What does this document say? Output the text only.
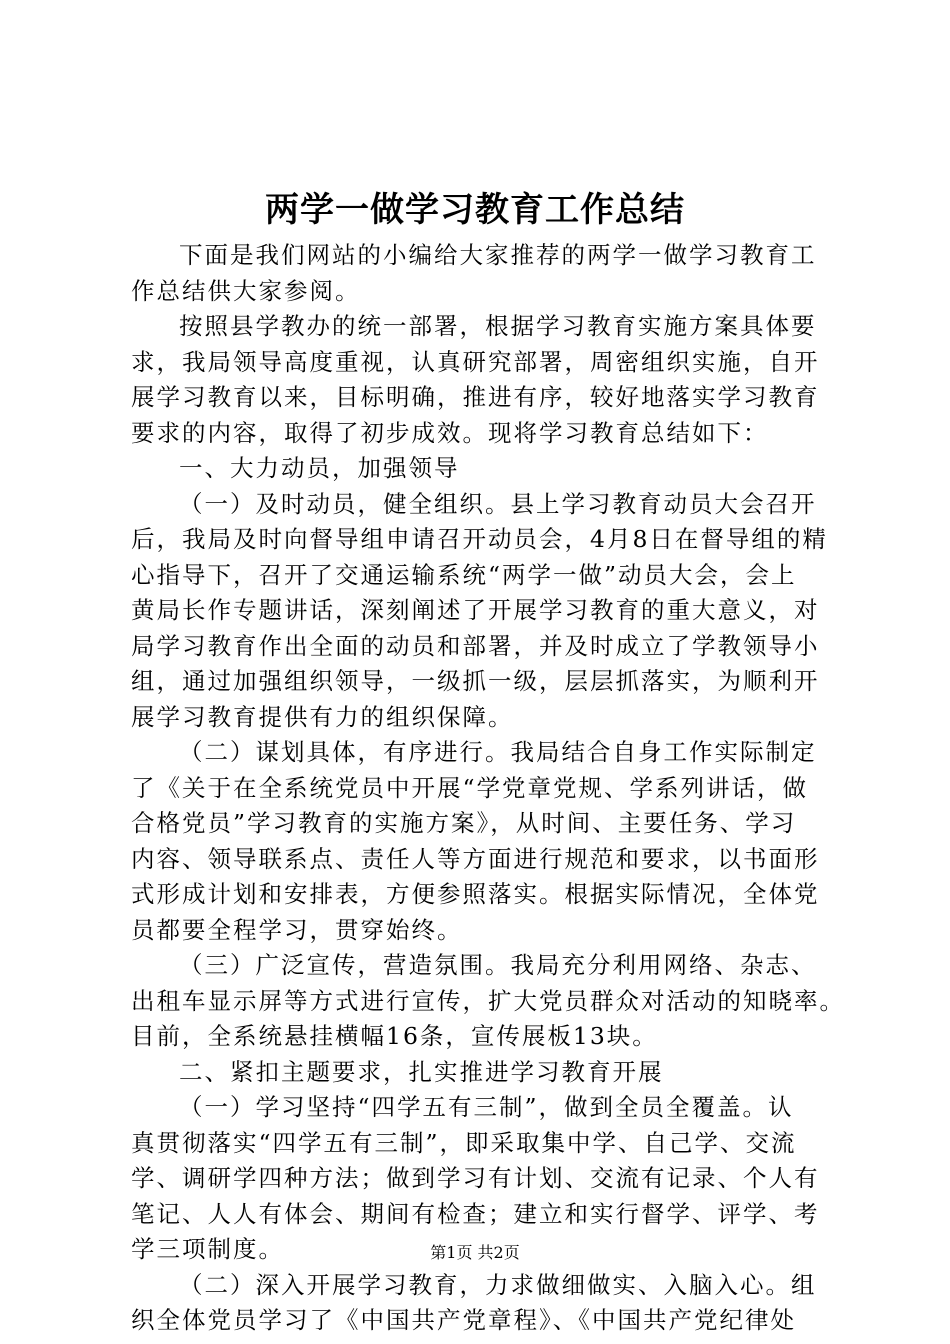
两学一做学习教育工作总结
下面是我们网站的小编给大家推荐的两学一做学习教育工
作总结供大家参阅。
按照县学教办的统一部署，根据学习教育实施方案具体要
求，我局领导高度重视，认真研究部署，周密组织实施，自开
展学习教育以来，目标明确，推进有序，较好地落实学习教育
要求的内容，取得了初步成效。现将学习教育总结如下：
一、大力动员，加强领导
（一）及时动员，健全组织。县上学习教育动员大会召开
后，我局及时向督导组申请召开动员会，4月8日在督导组的精
心指导下，召开了交通运输系统“两学一做”动员大会，会上
黄局长作专题讲话，深刻阐述了开展学习教育的重大意义，对
局学习教育作出全面的动员和部署，并及时成立了学教领导小
组，通过加强组织领导，一级抓一级，层层抓落实，为顺利开
展学习教育提供有力的组织保障。
（二）谋划具体，有序进行。我局结合自身工作实际制定
了《关于在全系统党员中开展“学党章党规、学系列讲话，做
合格党员”学习教育的实施方案》，从时间、主要任务、学习
内容、领导联系点、责任人等方面进行规范和要求，以书面形
式形成计划和安排表，方便参照落实。根据实际情况，全体党
员都要全程学习，贯穿始终。
（三）广泛宣传，营造氛围。我局充分利用网络、杂志、
出租车显示屏等方式进行宣传，扩大党员群众对活动的知晓率。
目前，全系统悬挂横幅16条，宣传展板13块。
二、紧扣主题要求，扎实推进学习教育开展
（一）学习坚持“四学五有三制”，做到全员全覆盖。认
真贯彻落实“四学五有三制”，即采取集中学、自己学、交流
学、调研学四种方法；做到学习有计划、交流有记录、个人有
笔记、人人有体会、期间有检查；建立和实行督学、评学、考
学三项制度。
（二）深入开展学习教育，力求做细做实、入脑入心。组
织全体党员学习了《中国共产党章程》、《中国共产党纪律处
第1页 共2页
